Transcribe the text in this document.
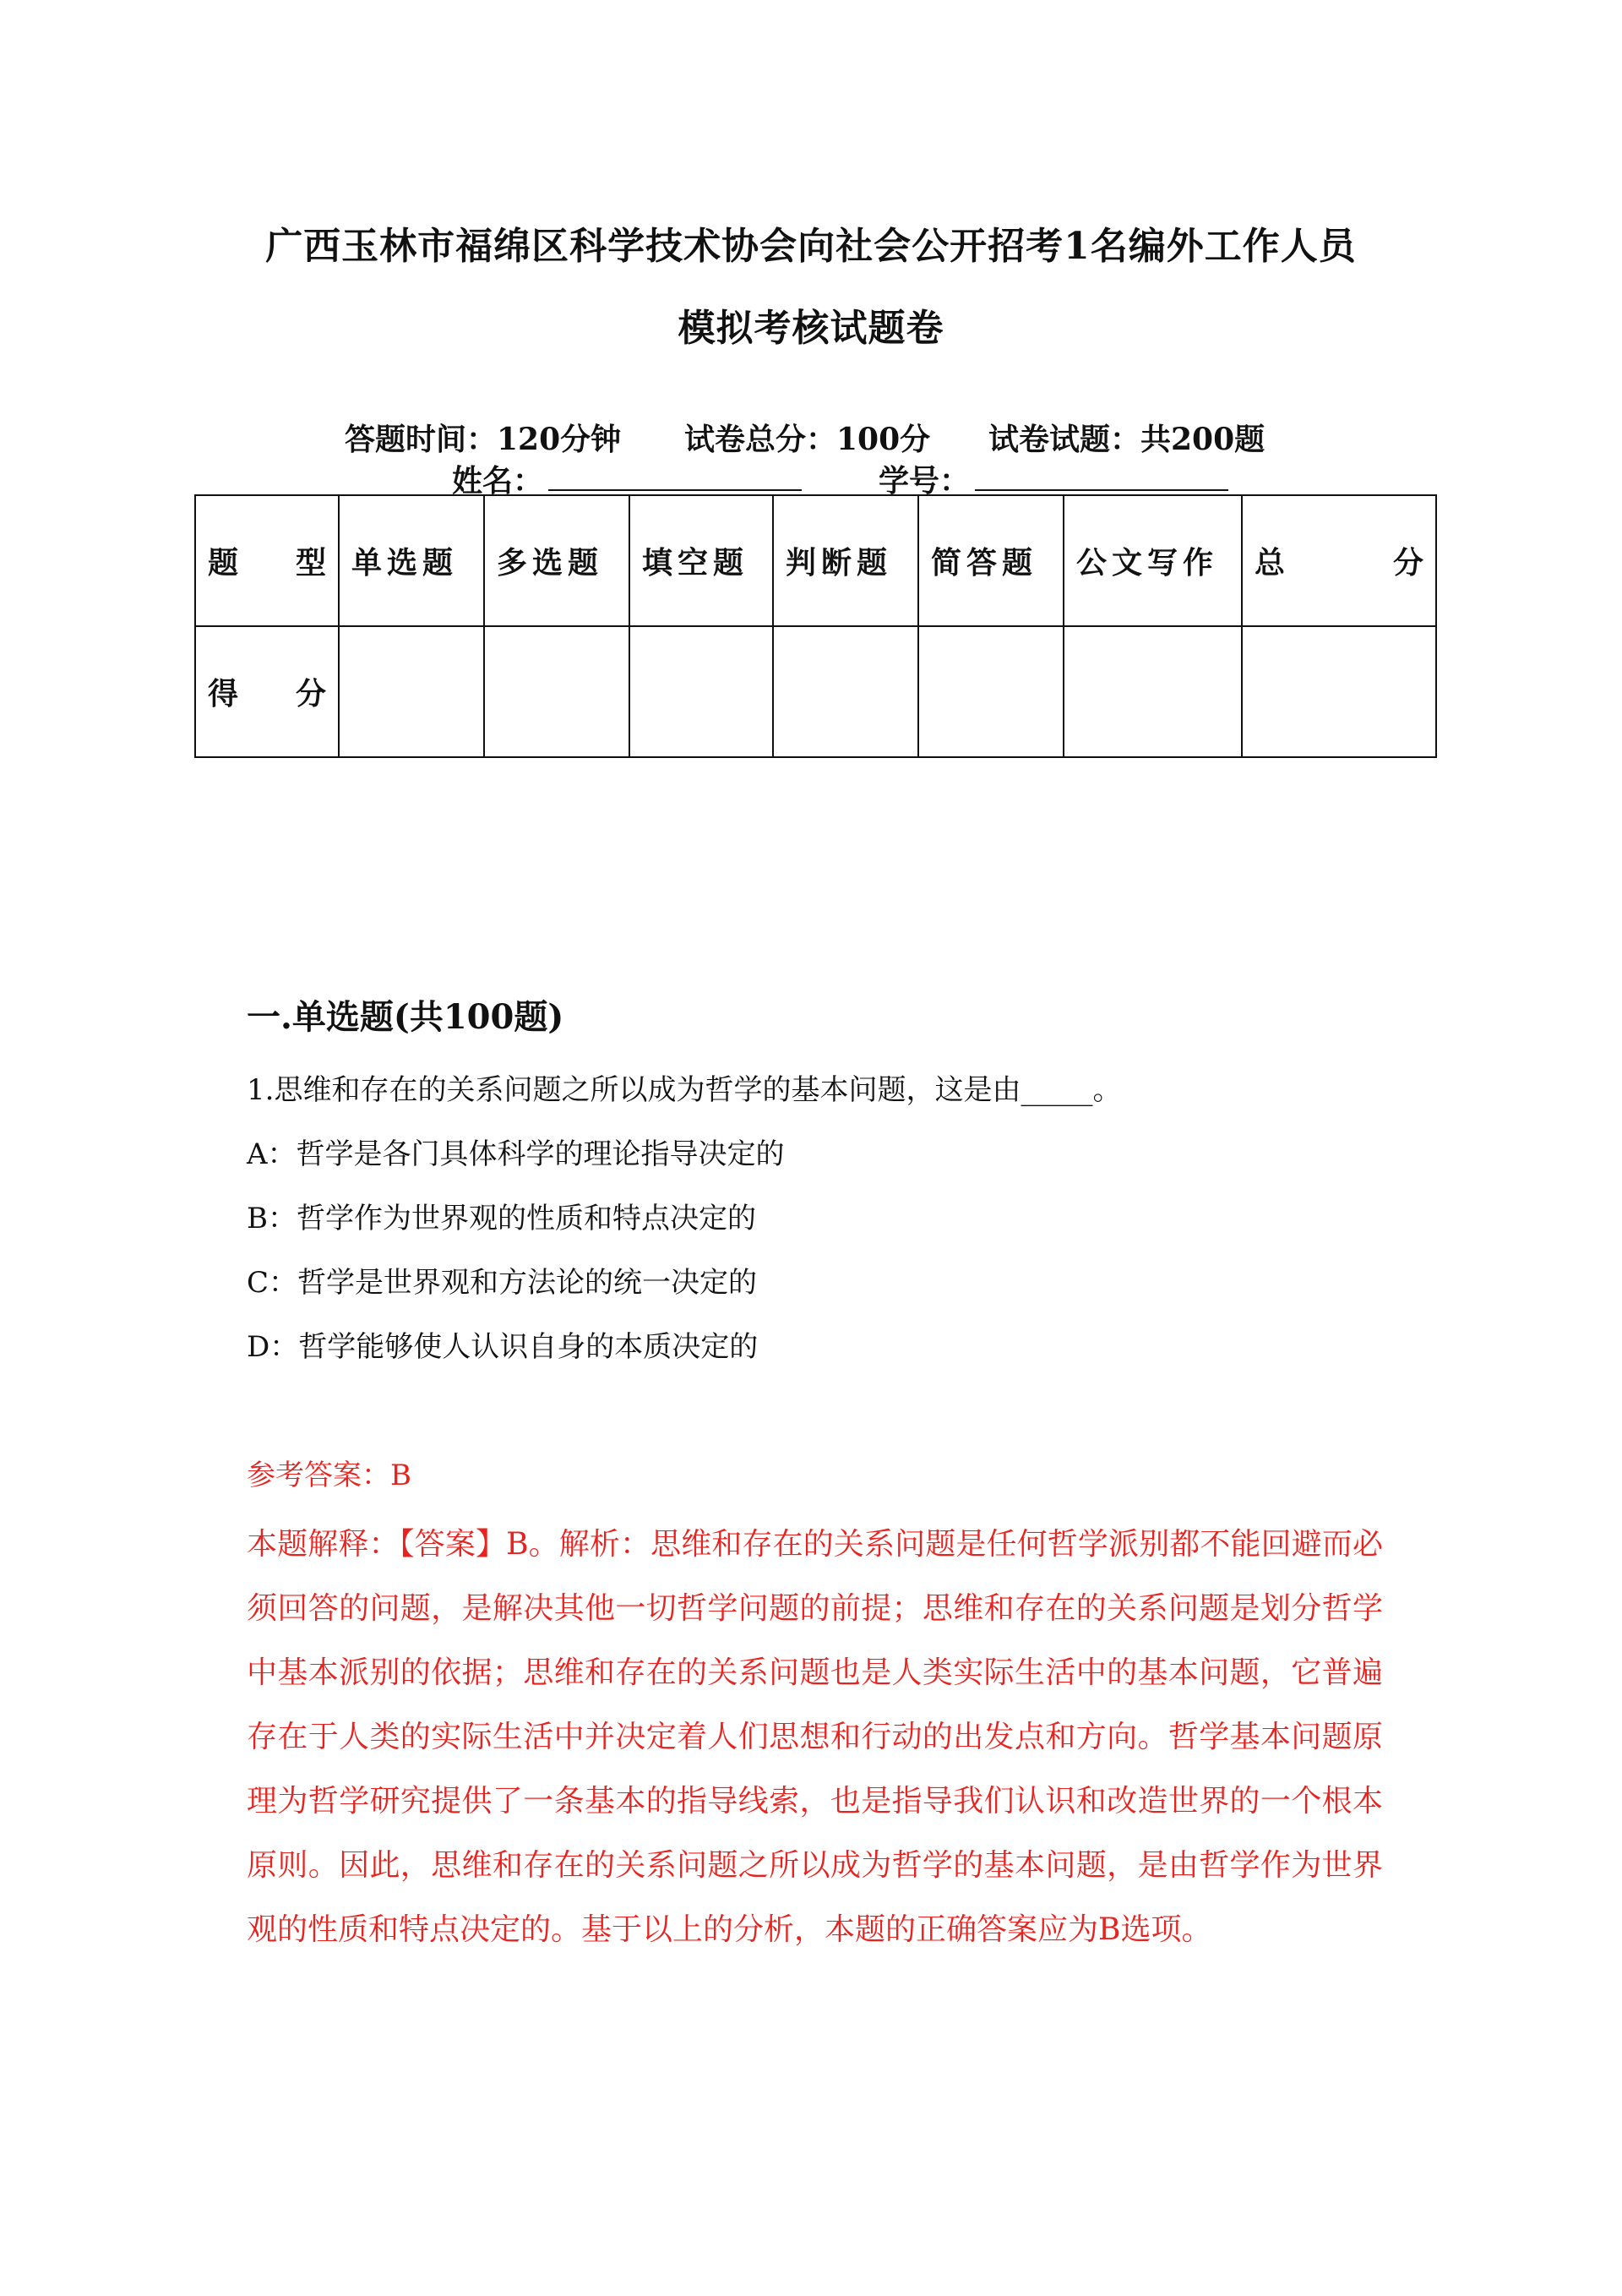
广西玉林市福绵区科学技术协会向社会公开招考1名编外工作人员
模拟考核试题卷
答题时间：120分钟 试卷总分：100分 试卷试题：共200题
姓名：	学号：
题 型	单选题	多选题	填空题	判断题	简答题	公文写作	总 分

得 分							

一.单选题(共100题)
1.思维和存在的关系问题之所以成为哲学的基本问题，这是由_____。
A：哲学是各门具体科学的理论指导决定的
B：哲学作为世界观的性质和特点决定的
C：哲学是世界观和方法论的统一决定的
D：哲学能够使人认识自身的本质决定的
参考答案：B
本题解释：【答案】B。解析：思维和存在的关系问题是任何哲学派别都不能回避而必须回答的问题，是解决其他一切哲学问题的前提；思维和存在的关系问题是划分哲学中基本派别的依据；思维和存在的关系问题也是人类实际生活中的基本问题，它普遍存在于人类的实际生活中并决定着人们思想和行动的出发点和方向。哲学基本问题原理为哲学研究提供了一条基本的指导线索，也是指导我们认识和改造世界的一个根本原则。因此，思维和存在的关系问题之所以成为哲学的基本问题，是由哲学作为世界观的性质和特点决定的。基于以上的分析，本题的正确答案应为B选项。
